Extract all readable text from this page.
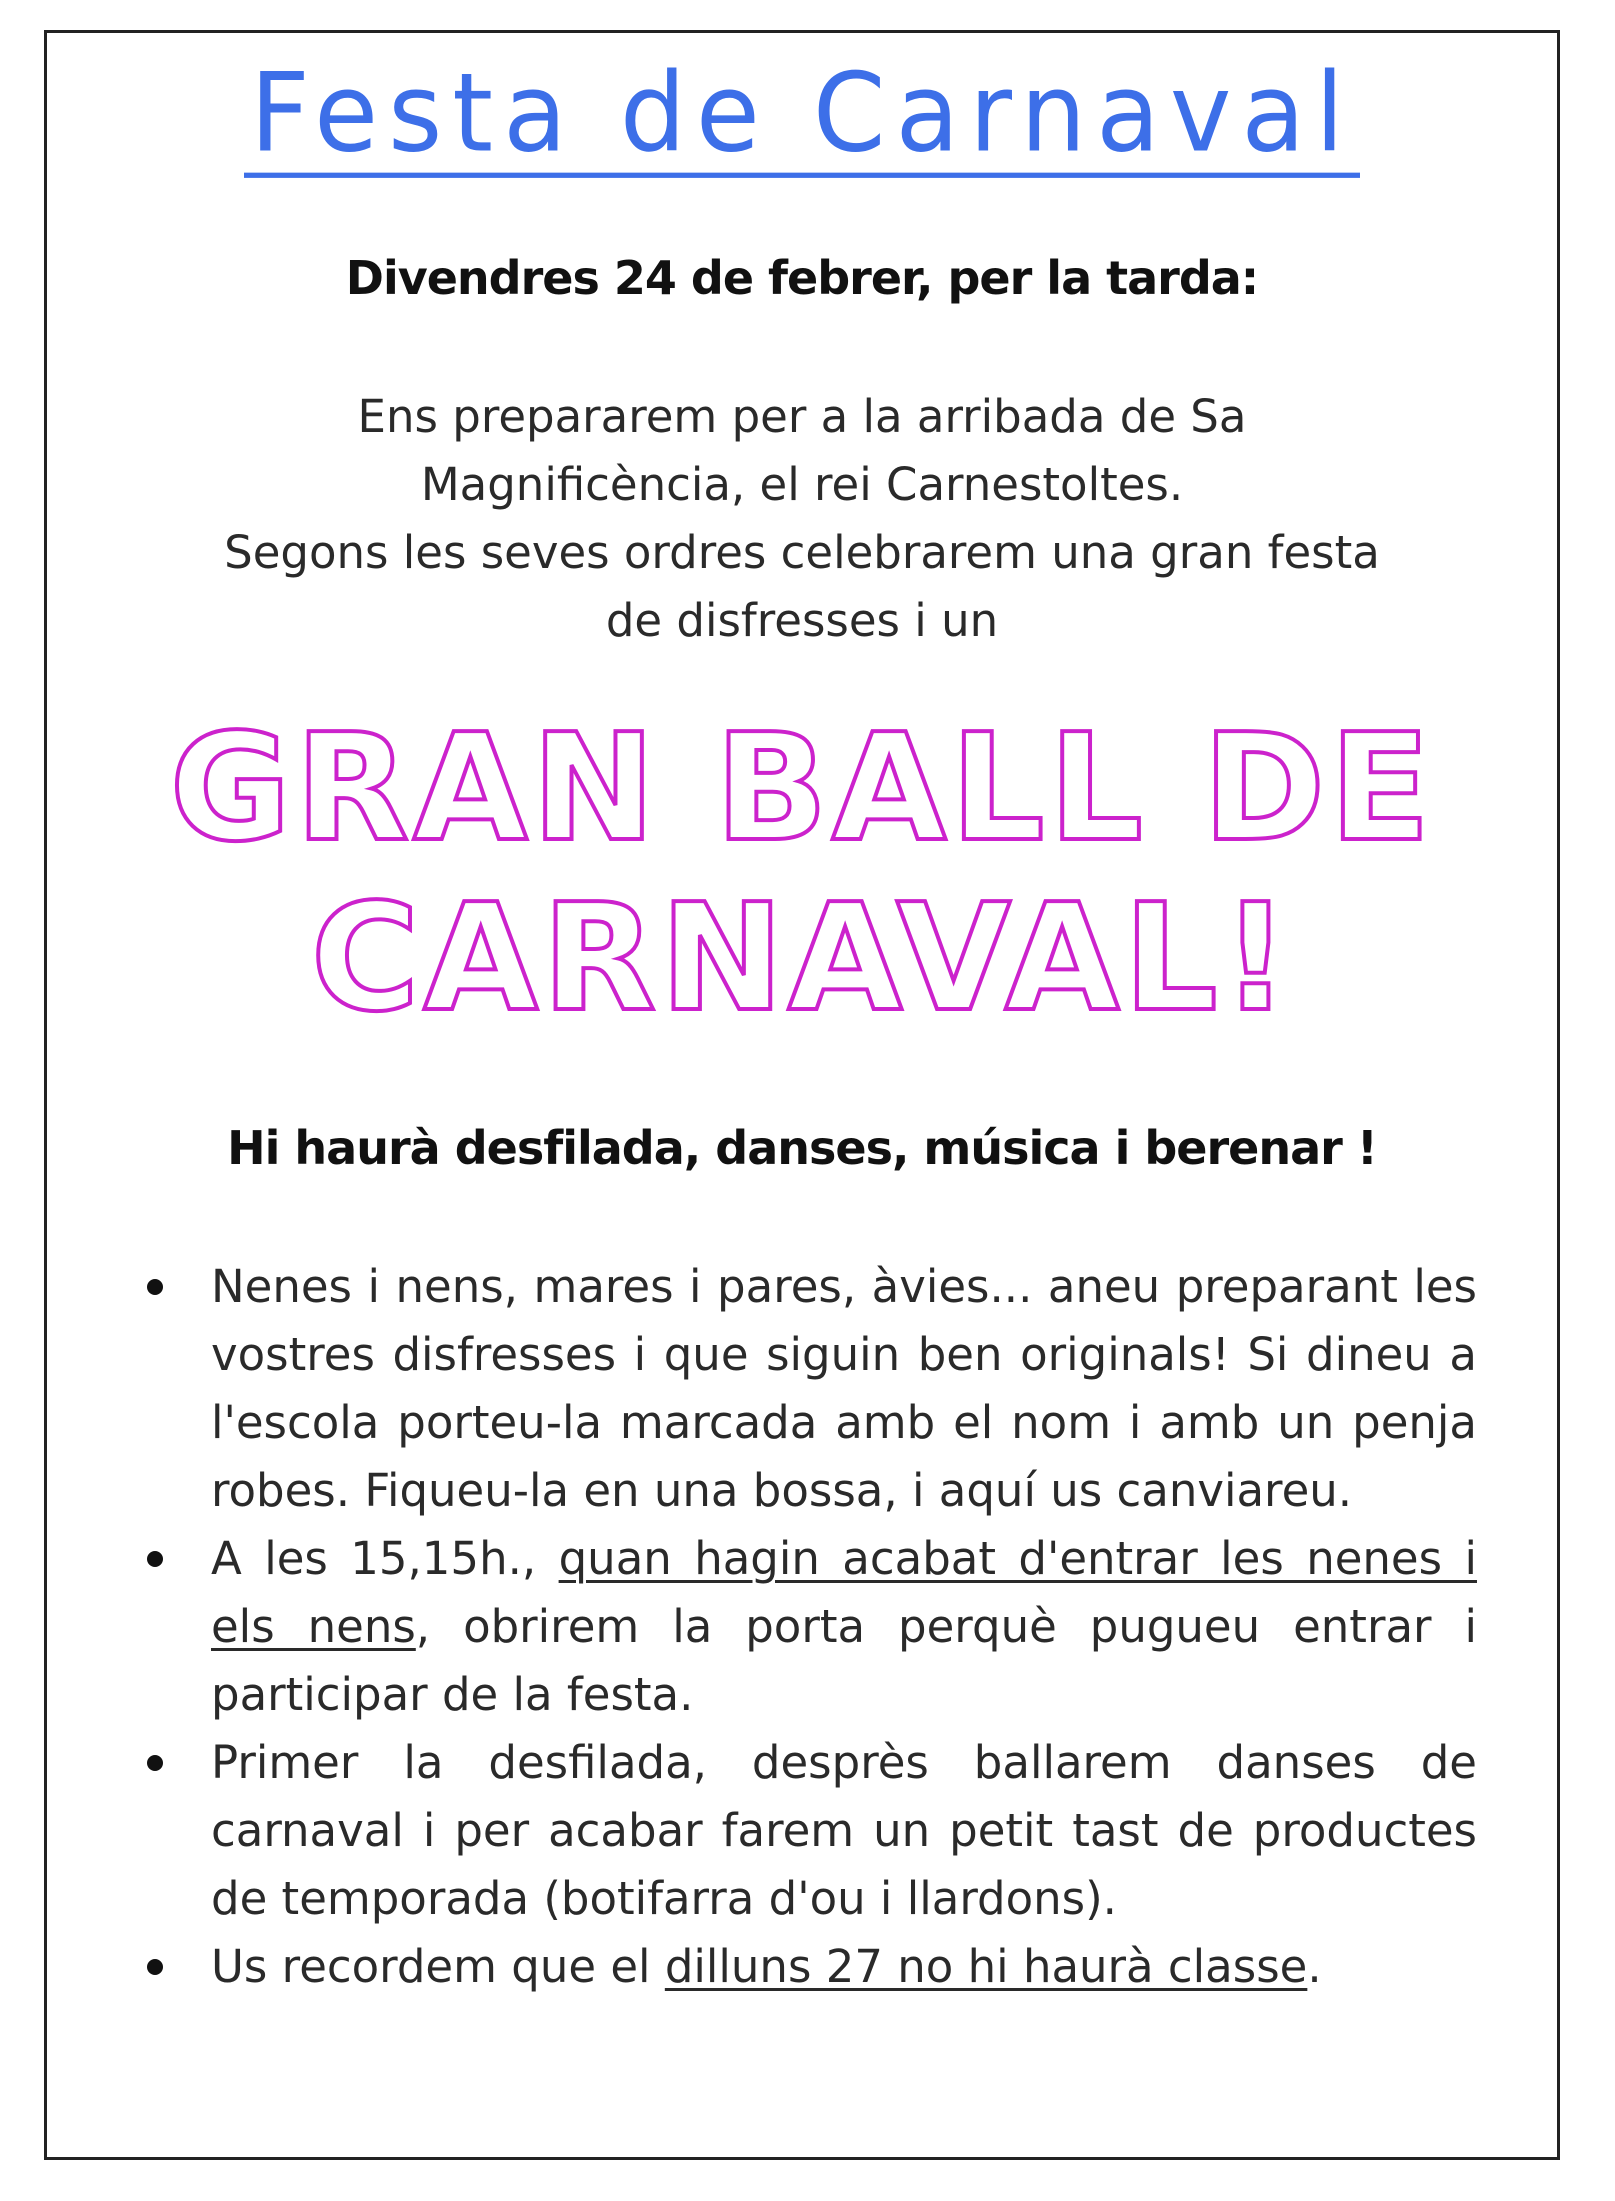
Festa de Carnaval

Divendres 24 de febrer, per la tarda:

Ens prepararem per a la arribada de Sa
Magnificència, el rei Carnestoltes.
Segons les seves ordres celebrarem una gran festa
de disfresses i un

GRAN BALL DE
CARNAVAL!

Hi haurà desfilada, danses, música i berenar !

Nenes i nens, mares i pares, àvies... aneu preparant les vostres disfresses i que siguin ben originals! Si dineu a l'escola porteu-la marcada amb el nom i amb un penja robes. Fiqueu-la en una bossa, i aquí us canviareu.
A les 15,15h., quan hagin acabat d'entrar les nenes i els nens, obrirem la porta perquè pugueu entrar i participar de la festa.
Primer la desfilada, desprès ballarem danses de carnaval i per acabar farem un petit tast de productes de temporada (botifarra d'ou i llardons).
Us recordem que el dilluns 27 no hi haurà classe.
